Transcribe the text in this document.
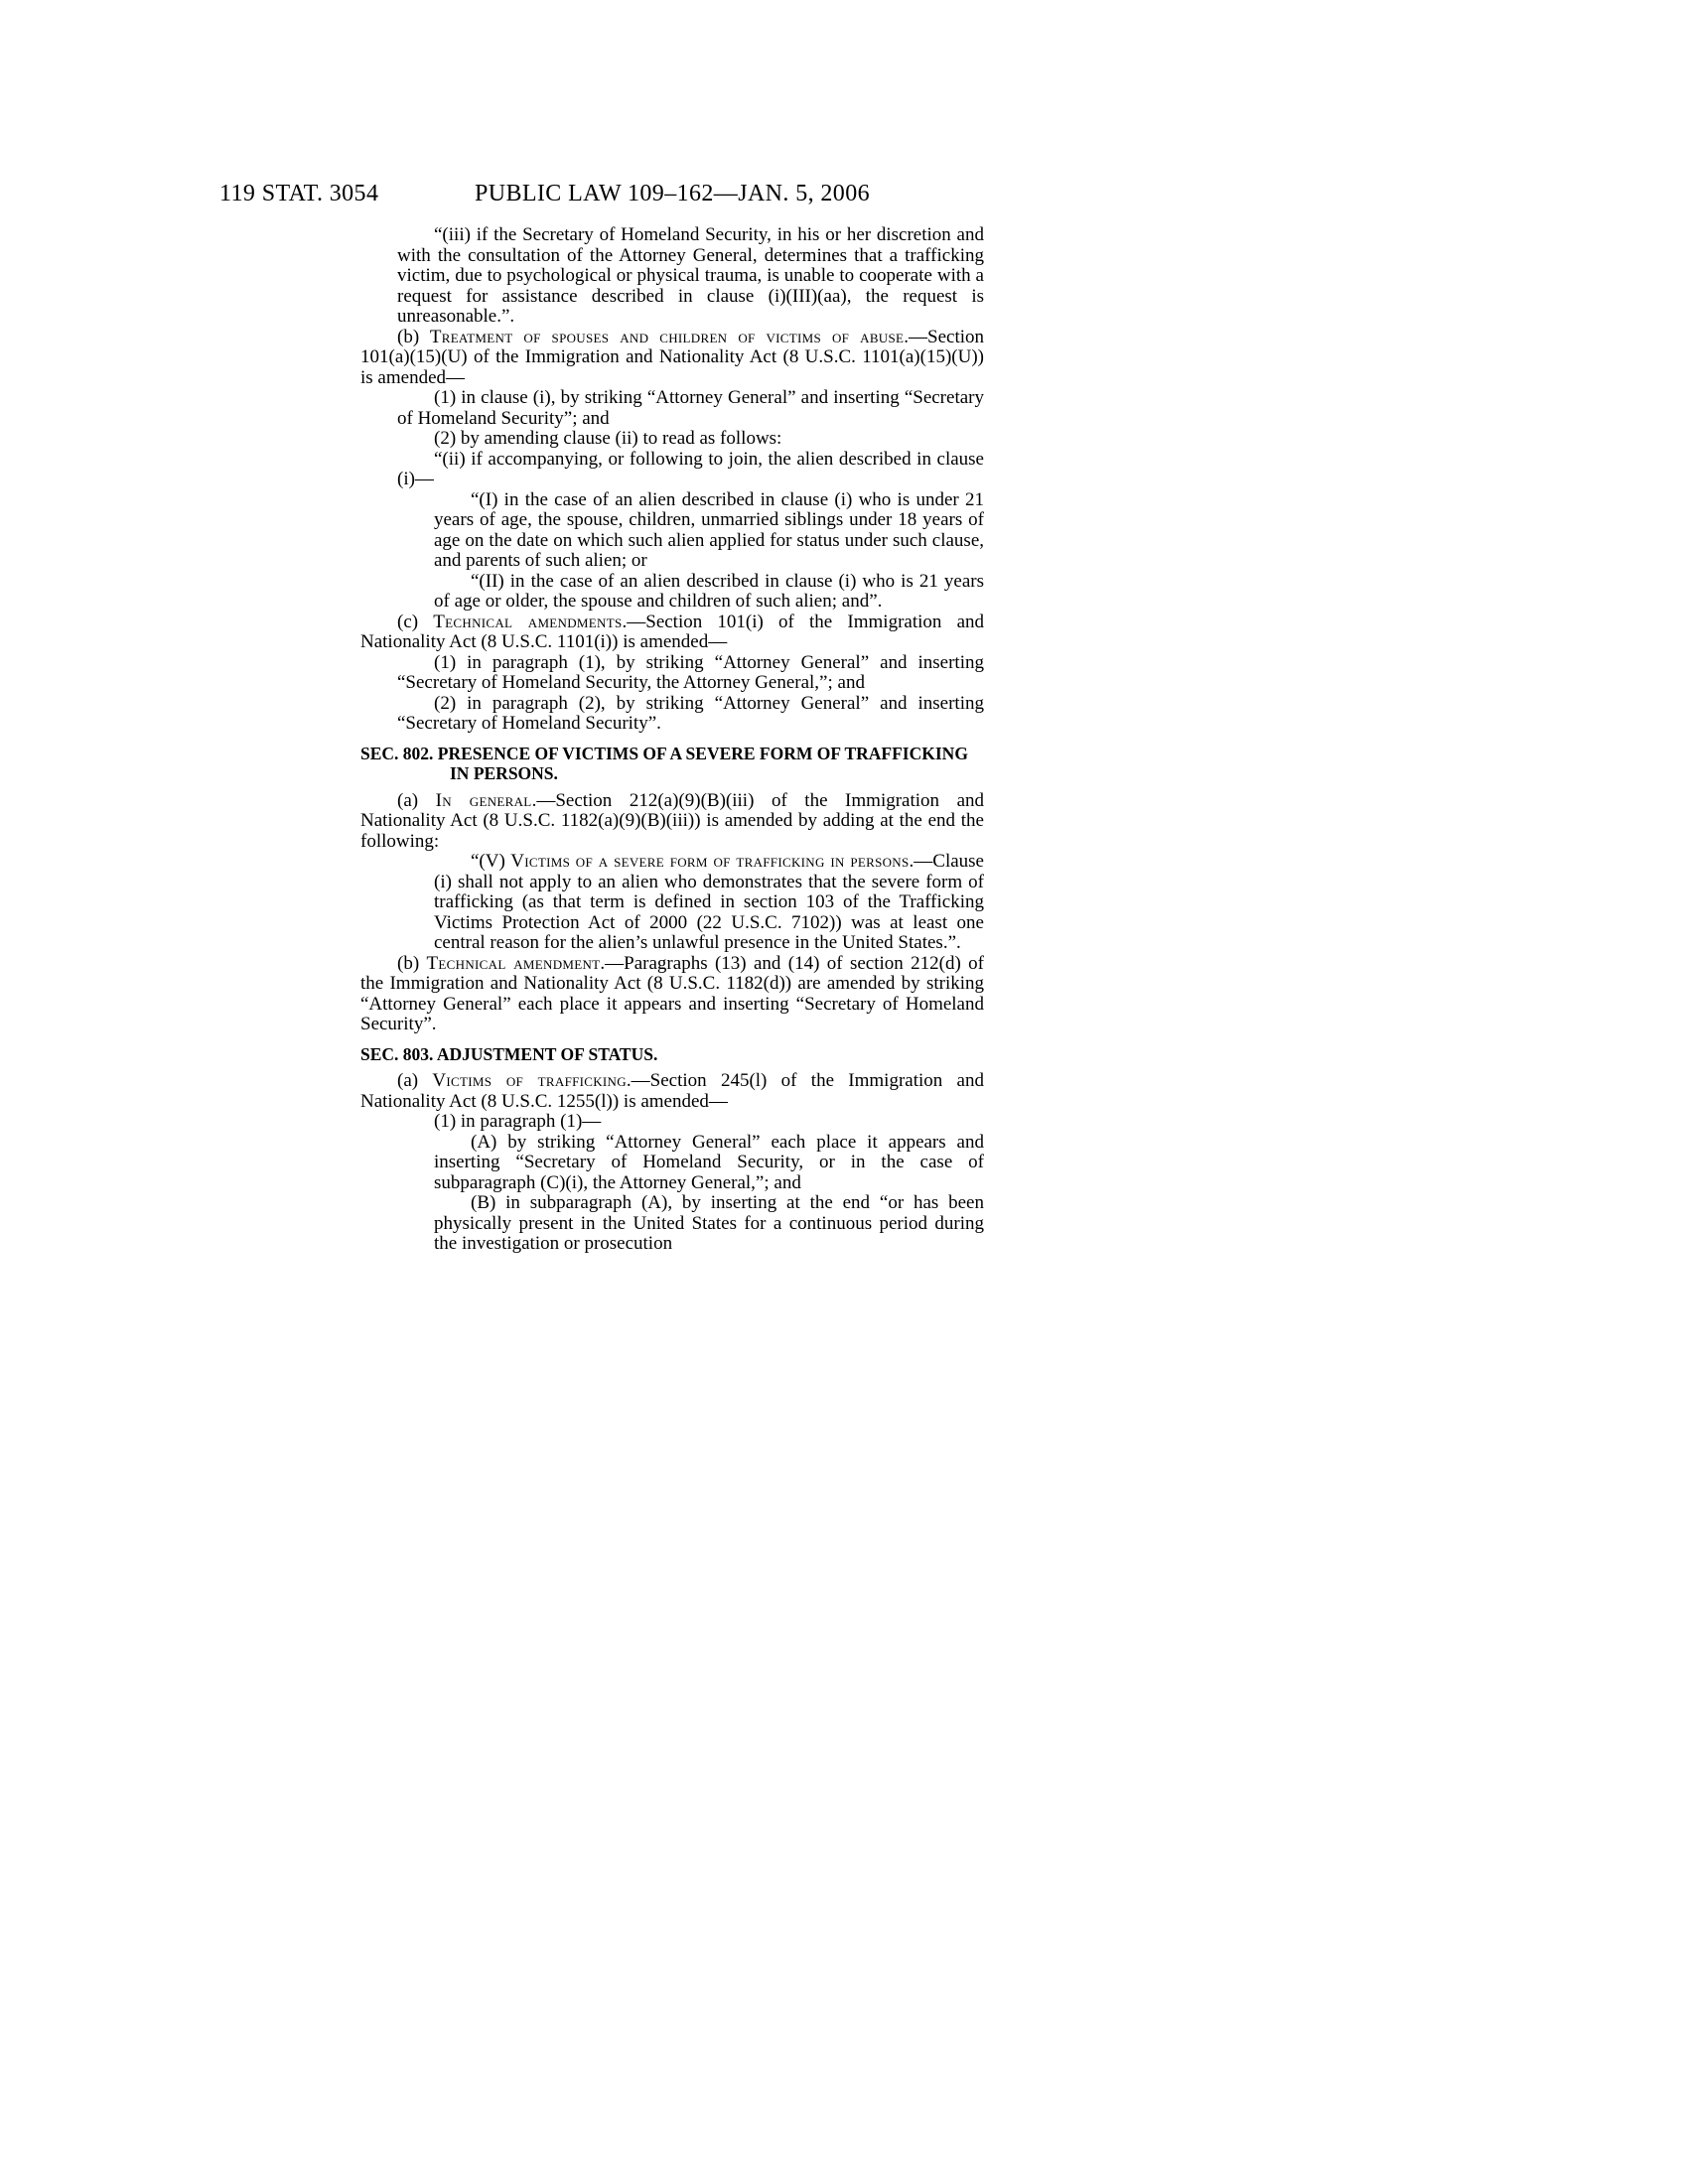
119 STAT. 3054	PUBLIC LAW 109–162—JAN. 5, 2006
“(iii) if the Secretary of Homeland Security, in his or her discretion and with the consultation of the Attorney General, determines that a trafficking victim, due to psychological or physical trauma, is unable to cooperate with a request for assistance described in clause (i)(III)(aa), the request is unreasonable.”.
(b) Treatment of spouses and children of victims of abuse.—Section 101(a)(15)(U) of the Immigration and Nationality Act (8 U.S.C. 1101(a)(15)(U)) is amended—
(1) in clause (i), by striking “Attorney General” and inserting “Secretary of Homeland Security”; and
(2) by amending clause (ii) to read as follows:
“(ii) if accompanying, or following to join, the alien described in clause (i)—
“(I) in the case of an alien described in clause (i) who is under 21 years of age, the spouse, children, unmarried siblings under 18 years of age on the date on which such alien applied for status under such clause, and parents of such alien; or
“(II) in the case of an alien described in clause (i) who is 21 years of age or older, the spouse and children of such alien; and”.
(c) Technical amendments.—Section 101(i) of the Immigration and Nationality Act (8 U.S.C. 1101(i)) is amended—
(1) in paragraph (1), by striking “Attorney General” and inserting “Secretary of Homeland Security, the Attorney General,”; and
(2) in paragraph (2), by striking “Attorney General” and inserting “Secretary of Homeland Security”.
SEC. 802. PRESENCE OF VICTIMS OF A SEVERE FORM OF TRAFFICKING IN PERSONS.
(a) In general.—Section 212(a)(9)(B)(iii) of the Immigration and Nationality Act (8 U.S.C. 1182(a)(9)(B)(iii)) is amended by adding at the end the following:
“(V) Victims of a severe form of trafficking in persons.—Clause (i) shall not apply to an alien who demonstrates that the severe form of trafficking (as that term is defined in section 103 of the Trafficking Victims Protection Act of 2000 (22 U.S.C. 7102)) was at least one central reason for the alien’s unlawful presence in the United States.”.
(b) Technical amendment.—Paragraphs (13) and (14) of section 212(d) of the Immigration and Nationality Act (8 U.S.C. 1182(d)) are amended by striking “Attorney General” each place it appears and inserting “Secretary of Homeland Security”.
SEC. 803. ADJUSTMENT OF STATUS.
(a) Victims of trafficking.—Section 245(l) of the Immigration and Nationality Act (8 U.S.C. 1255(l)) is amended—
(1) in paragraph (1)—
(A) by striking “Attorney General” each place it appears and inserting “Secretary of Homeland Security, or in the case of subparagraph (C)(i), the Attorney General,”; and
(B) in subparagraph (A), by inserting at the end “or has been physically present in the United States for a continuous period during the investigation or prosecution
